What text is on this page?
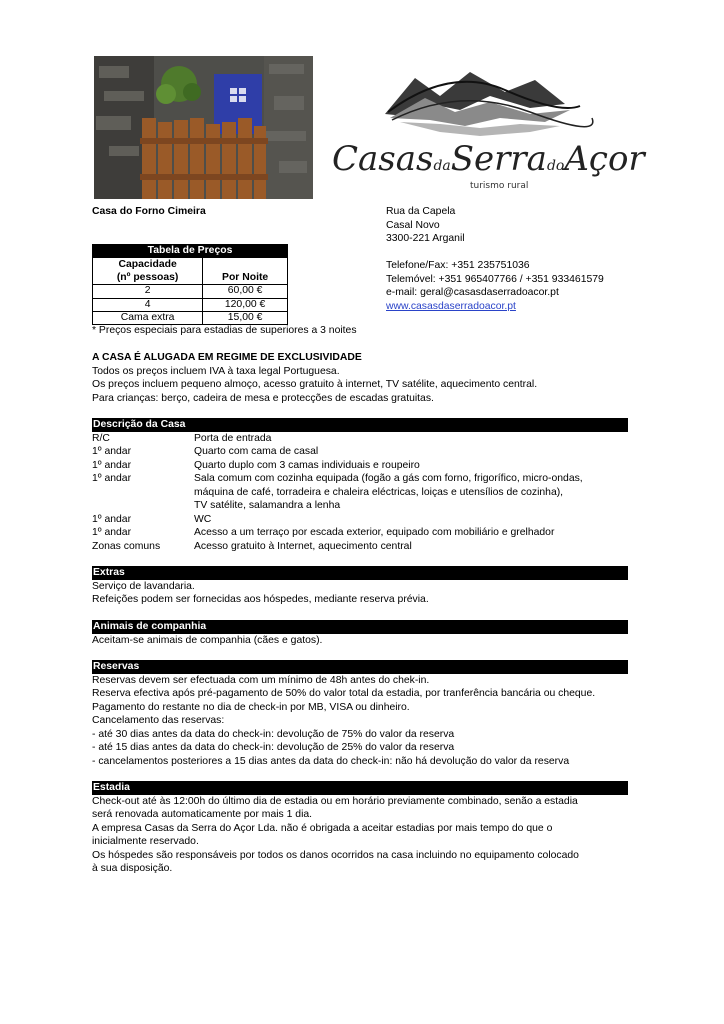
CasasdaSerradoAçor
turismo rural
Casa do Forno Cimeira	Rua da Capela
Casal Novo
3300-221 Arganil
Telefone/Fax: +351 235751036
Telemóvel: +351 965407766 / +351 933461579
e-mail: geral@casasdaserradoacor.pt
www.casasdaserradoacor.pt
Tabela de Preços	
Capacidade	
(nº pessoas)	Por Noite
2	60,00 €
4	120,00 €
Cama extra	15,00 €
* Preços especiais para estadias de superiores a 3 noites
A CASA É ALUGADA EM REGIME DE EXCLUSIVIDADE
Todos os preços incluem IVA à taxa legal Portuguesa.
Os preços incluem pequeno almoço, acesso gratuito à internet, TV satélite, aquecimento central.
Para crianças: berço, cadeira de mesa e protecções de escadas gratuitas.
Descrição da Casa
R/C	Porta de entrada
1º andar	Quarto com cama de casal
1º andar	Quarto duplo com 3 camas individuais e roupeiro
1º andar	Sala comum com cozinha equipada (fogão a gás com forno, frigorífico, micro-ondas,
máquina de café, torradeira e chaleira eléctricas, loiças e utensílios de cozinha),
TV satélite, salamandra a lenha
1º andar	WC
1º andar	Acesso a um terraço por escada exterior, equipado com mobiliário e grelhador
Zonas comuns	Acesso gratuito à Internet, aquecimento central
Extras
Serviço de lavandaria.
Refeições podem ser fornecidas aos hóspedes, mediante reserva prévia.
Animais de companhia
Aceitam-se animais de companhia (cães e gatos).
Reservas
Reservas devem ser efectuada com um mínimo de 48h antes do chek-in.
Reserva efectiva após pré-pagamento de 50% do valor total da estadia, por tranferência bancária ou cheque.
Pagamento do restante no dia de check-in por MB, VISA ou dinheiro.
Cancelamento das reservas:
- até 30 dias antes da data do check-in: devolução de 75% do valor da reserva
- até 15 dias antes da data do check-in: devolução de 25% do valor da reserva
- cancelamentos posteriores a 15 dias antes da data do check-in: não há devolução do valor da reserva
Estadia
Check-out até às 12:00h do último dia de estadia ou em horário previamente combinado, senão a estadia
será renovada automaticamente por mais 1 dia.
A empresa Casas da Serra do Açor Lda. não é obrigada a aceitar estadias por mais tempo do que o
inicialmente reservado.
Os hóspedes são responsáveis por todos os danos ocorridos na casa incluindo no equipamento colocado
à sua disposição.
